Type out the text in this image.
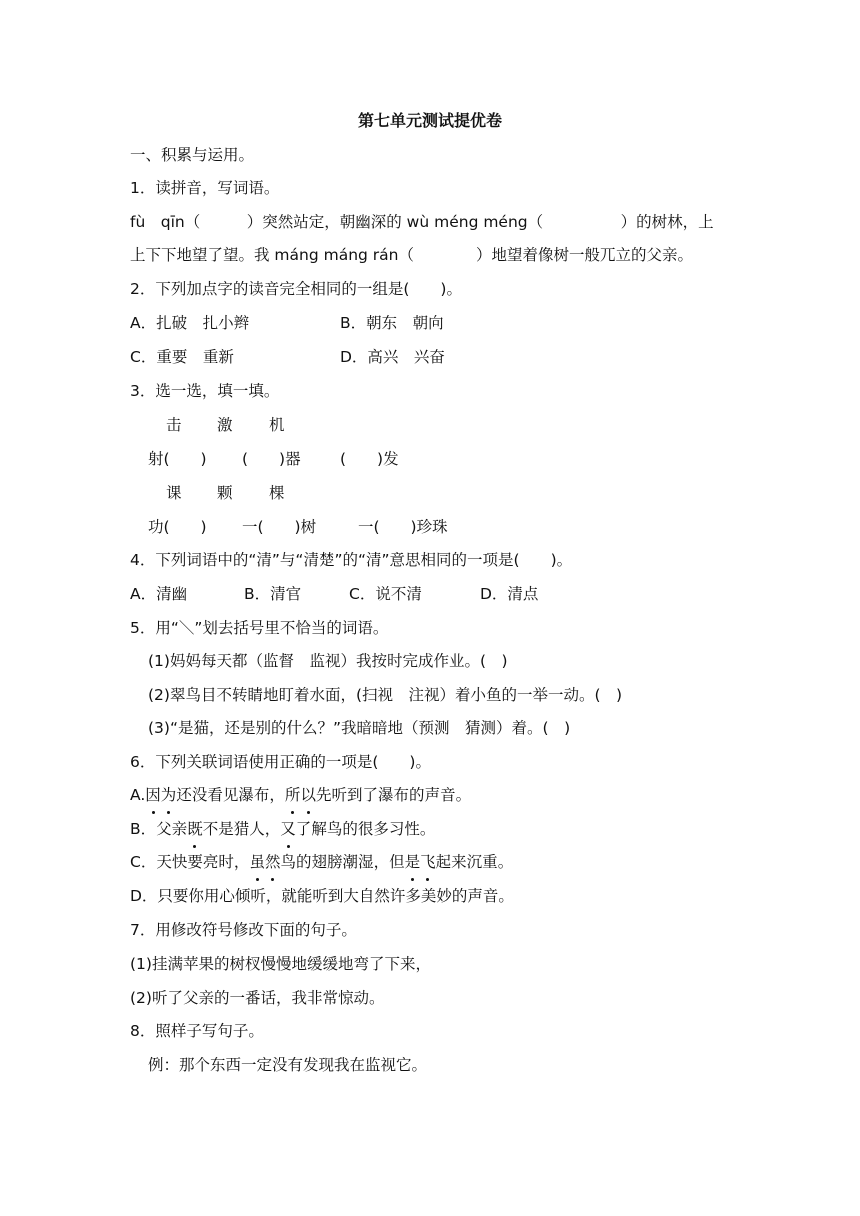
第七单元测试提优卷
一、积累与运用。
1．读拼音，写词语。
fù　qīn（　　　）突然站定，朝幽深的 wù méng méng（　　　　　）的树林，上
上下下地望了望。我 máng máng rán（　　　　）地望着像树一般兀立的父亲。
2．下列加点字的读音完全相同的一组是(　　)。
A．扎破　扎小辫	B．朝东　朝向
C．重要　重新	D．高兴　兴奋
3．选一选，填一填。
击 激 机
射(　　) (　　)器	(　　)发
课 颗 棵
功(　　) 一(　　)树	一(　　)珍珠
4．下列词语中的“清”与“清楚”的“清”意思相同的一项是(　　)。
A．清幽	B．清官	C．说不清	D．清点
5．用“＼”划去括号里不恰当的词语。
(1)妈妈每天都（监督　监视）我按时完成作业。(　)
(2)翠鸟目不转睛地盯着水面，(扫视　注视）着小鱼的一举一动。(　)
(3)“是猫，还是别的什么？”我暗暗地（预测　猜测）着。(　)
6．下列关联词语使用正确的一项是(　　)。
A.因为还没看见瀑布，所以先听到了瀑布的声音。
B．父亲既不是猎人，又了解鸟的很多习性。
C．天快要亮时，虽然鸟的翅膀潮湿，但是飞起来沉重。
D．只要你用心倾听，就能听到大自然许多美妙的声音。
7．用修改符号修改下面的句子。
(1)挂满苹果的树杈慢慢地缓缓地弯了下来，
(2)听了父亲的一番话，我非常惊动。
8．照样子写句子。
例：那个东西一定没有发现我在监视它。
